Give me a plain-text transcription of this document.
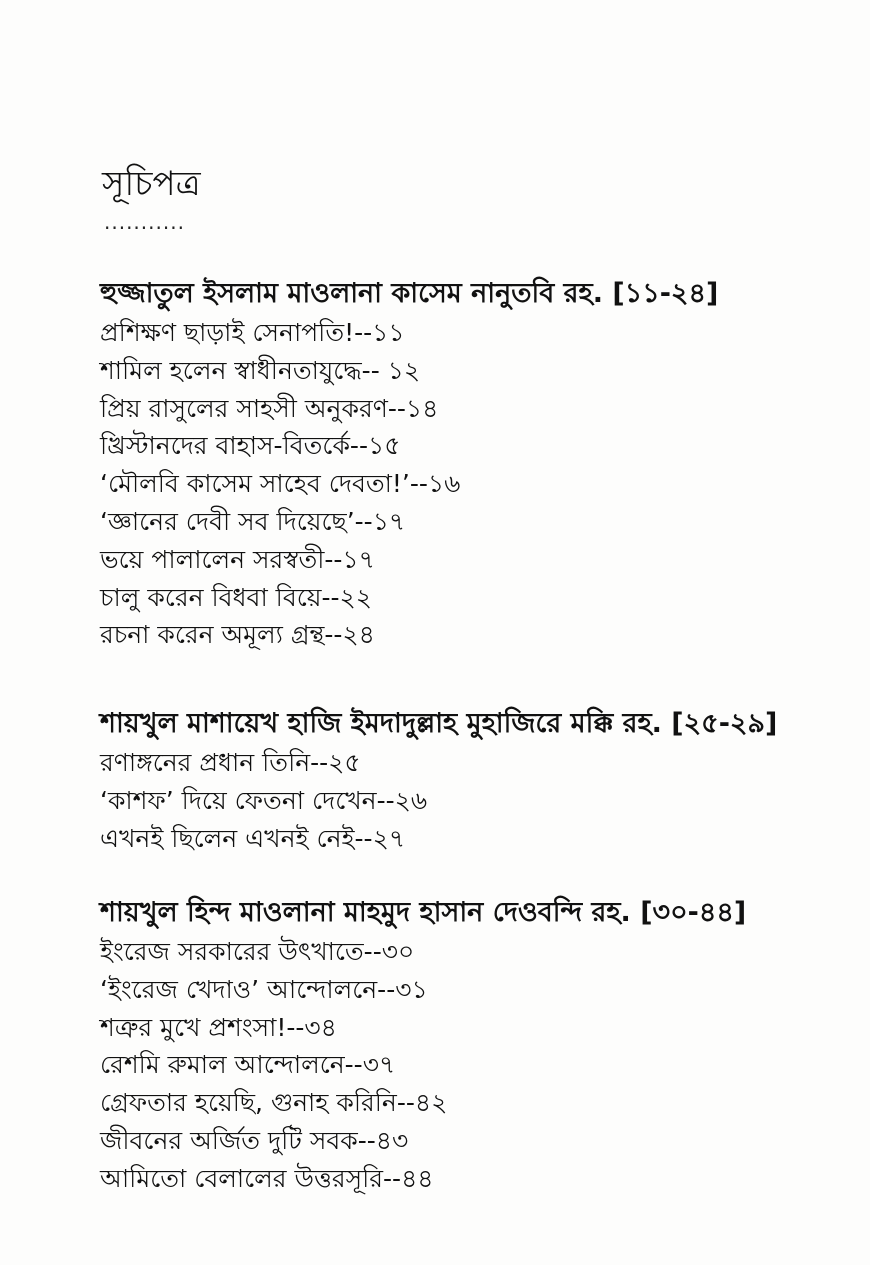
সূচিপত্র
...........

হুজ্জাতুল ইসলাম মাওলানা কাসেম নানুতবি রহ. [১১-২৪]

প্রশিক্ষণ ছাড়াই সেনাপতি!--১১

শামিল হলেন স্বাধীনতাযুদ্ধে-- ১২

প্রিয় রাসুলের সাহসী অনুকরণ--১৪

খ্রিস্টানদের বাহাস-বিতর্কে--১৫

‘মৌলবি কাসেম সাহেব দেবতা!’--১৬

‘জ্ঞানের দেবী সব দিয়েছে’--১৭

ভয়ে পালালেন সরস্বতী--১৭

চালু করেন বিধবা বিয়ে--২২

রচনা করেন অমূল্য গ্রন্থ--২৪

শায়খুল মাশায়েখ হাজি ইমদাদুল্লাহ মুহাজিরে মক্কি রহ. [২৫-২৯]

রণাঙ্গনের প্রধান তিনি--২৫

‘কাশফ’ দিয়ে ফেতনা দেখেন--২৬

এখনই ছিলেন এখনই নেই--২৭

শায়খুল হিন্দ মাওলানা মাহমুদ হাসান দেওবন্দি রহ. [৩০-৪৪]

ইংরেজ সরকারের উৎখাতে--৩০

‘ইংরেজ খেদাও’ আন্দোলনে--৩১

শত্রুর মুখে প্রশংসা!--৩৪

রেশমি রুমাল আন্দোলনে--৩৭

গ্রেফতার হয়েছি, গুনাহ করিনি--৪২

জীবনের অর্জিত দুটি সবক--৪৩

আমিতো বেলালের উত্তরসূরি--৪৪
